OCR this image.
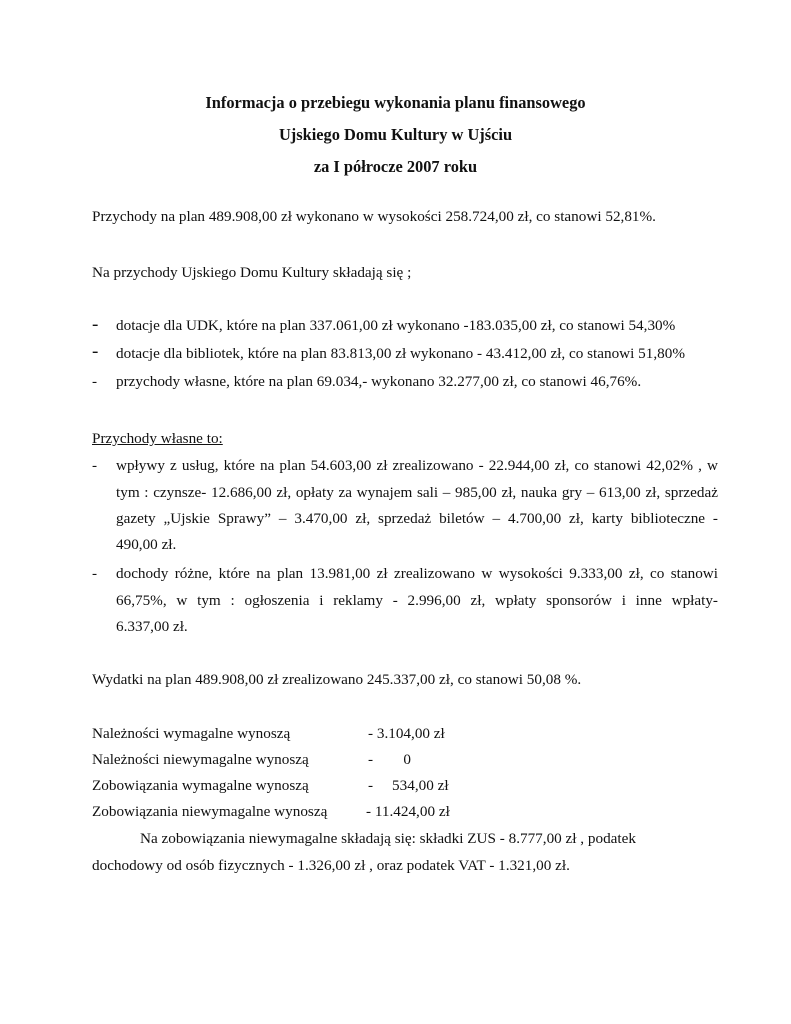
Informacja o przebiegu wykonania planu finansowego
Ujskiego Domu Kultury w Ujściu
za I półrocze 2007 roku

Przychody na plan 489.908,00 zł wykonano w wysokości 258.724,00 zł, co stanowi 52,81%.

Na przychody Ujskiego Domu Kultury składają się ;

- dotacje dla UDK, które na plan 337.061,00 zł wykonano -183.035,00 zł, co stanowi 54,30%

- dotacje dla bibliotek, które na plan 83.813,00 zł wykonano - 43.412,00 zł, co stanowi 51,80%

- przychody własne, które na plan 69.034,- wykonano 32.277,00 zł, co stanowi 46,76%.

Przychody własne to:

- wpływy z usług, które na plan 54.603,00 zł zrealizowano - 22.944,00 zł, co stanowi 42,02% , w

tym : czynsze- 12.686,00 zł, opłaty za wynajem sali – 985,00 zł, nauka gry – 613,00 zł, sprzedaż

gazety „Ujskie Sprawy” – 3.470,00 zł, sprzedaż biletów – 4.700,00 zł, karty biblioteczne -

490,00 zł.

- dochody różne, które na plan 13.981,00 zł zrealizowano w wysokości 9.333,00 zł, co stanowi

66,75%, w tym : ogłoszenia i reklamy - 2.996,00 zł, wpłaty sponsorów i inne wpłaty-

6.337,00 zł.

Wydatki na plan 489.908,00 zł zrealizowano 245.337,00 zł, co stanowi 50,08 %.

Należności wymagalne wynoszą	- 3.104,00 zł

Należności niewymagalne wynoszą	-        0

Zobowiązania wymagalne wynoszą	-     534,00 zł

Zobowiązania niewymagalne wynoszą	- 11.424,00 zł

Na zobowiązania niewymagalne składają się: składki ZUS - 8.777,00 zł , podatek

dochodowy od osób fizycznych - 1.326,00 zł , oraz podatek VAT - 1.321,00 zł.
